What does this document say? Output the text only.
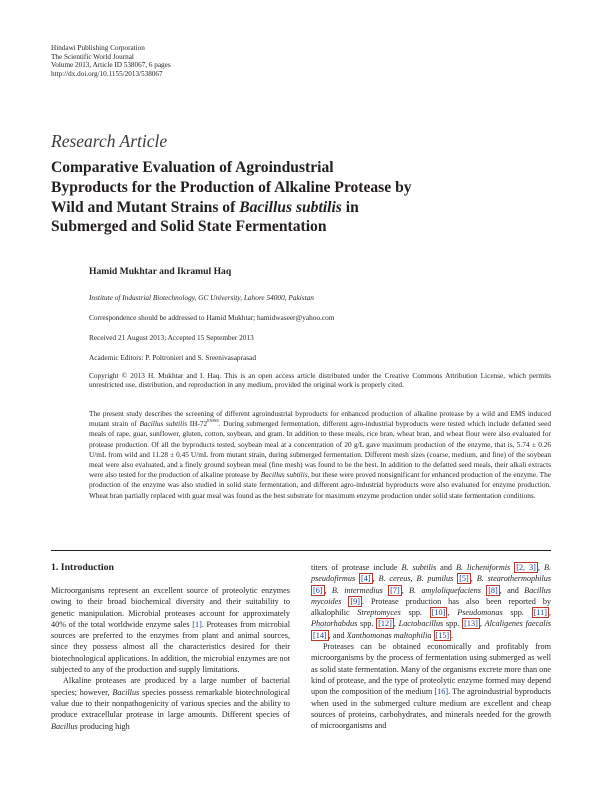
Hindawi Publishing Corporation
The Scientific World Journal
Volume 2013, Article ID 538067, 6 pages
http://dx.doi.org/10.1155/2013/538067
Research Article
Comparative Evaluation of Agroindustrial
Byproducts for the Production of Alkaline Protease by
Wild and Mutant Strains of Bacillus subtilis in
Submerged and Solid State Fermentation
Hamid Mukhtar and Ikramul Haq
Institute of Industrial Biotechnology, GC University, Lahore 54000, Pakistan
Correspondence should be addressed to Hamid Mukhtar; hamidwaseer@yahoo.com
Received 21 August 2013; Accepted 15 September 2013
Academic Editors: P. Poltronieri and S. Sreenivasaprasad
Copyright © 2013 H. Mukhtar and I. Haq. This is an open access article distributed under the Creative Commons Attribution License, which permits unrestricted use, distribution, and reproduction in any medium, provided the original work is properly cited.
The present study describes the screening of different agroindustrial byproducts for enhanced production of alkaline protease by a wild and EMS induced mutant strain of Bacillus subtilis $IH-72^{EMS8}$. During submerged fermentation, different agro-industrial byproducts were tested which include defatted seed meals of rape, guar, sunflower, gluten, cotton, soybean, and gram. In addition to these meals, rice bran, wheat bran, and wheat flour were also evaluated for protease production. Of all the byproducts tested, soybean meal at a concentration of 20 g/L gave maximum production of the enzyme, that is, 5.74 ± 0.26 U/mL from wild and 11.28 ± 0.45 U/mL from mutant strain, during submerged fermentation. Different mesh sizes (coarse, medium, and fine) of the soybean meal were also evaluated, and a finely ground soybean meal (fine mesh) was found to be the best. In addition to the defatted seed meals, their alkali extracts were also tested for the production of alkaline protease by Bacillus subtilis, but these were proved nonsignificant for enhanced production of the enzyme. The production of the enzyme was also studied in solid state fermentation, and different agro-industrial byproducts were also evaluated for enzyme production. Wheat bran partially replaced with guar meal was found as the best substrate for maximum enzyme production under solid state fermentation conditions.
1. Introduction

Microorganisms represent an excellent source of proteolytic enzymes owing to their broad biochemical diversity and their suitability to genetic manipulation. Microbial proteases account for approximately 40% of the total worldwide enzyme sales [1]. Proteases from microbial sources are preferred to the enzymes from plant and animal sources, since they possess almost all the characteristics desired for their biotechnological applications. In addition, the microbial enzymes are not subjected to any of the production and supply limitations.

Alkaline proteases are produced by a large number of bacterial species; however, Bacillus species possess remarkable biotechnological value due to their nonpathogenicity of various species and the ability to produce extracellular protease in large amounts. Different species of Bacillus producing high

titers of protease include B. subtilis and B. licheniformis [2, 3] , B. pseudofirmus [4] , B. cereus, B. pumilus [5] , B. stearothermophilus [6] , B. intermedius [7] , B. amyloliquefaciens [8] , and Bacillus mycoides [9] . Protease production has also been reported by alkalophilic Streptomyces spp. [10] , Pseudomonas spp. [11] , Photorhabdus spp. [12] , Lactobacillus spp. [13] , Alcaligenes faecalis [14] , and Xanthomonas maltophilia [15] .

Proteases can be obtained economically and profitably from microorganisms by the process of fermentation using submerged as well as solid state fermentation. Many of the organisms excrete more than one kind of protease, and the type of proteolytic enzyme formed may depend upon the composition of the medium [16]. The agroindustrial byproducts when used in the submerged culture medium are excellent and cheap sources of proteins, carbohydrates, and minerals needed for the growth of microorganisms and
